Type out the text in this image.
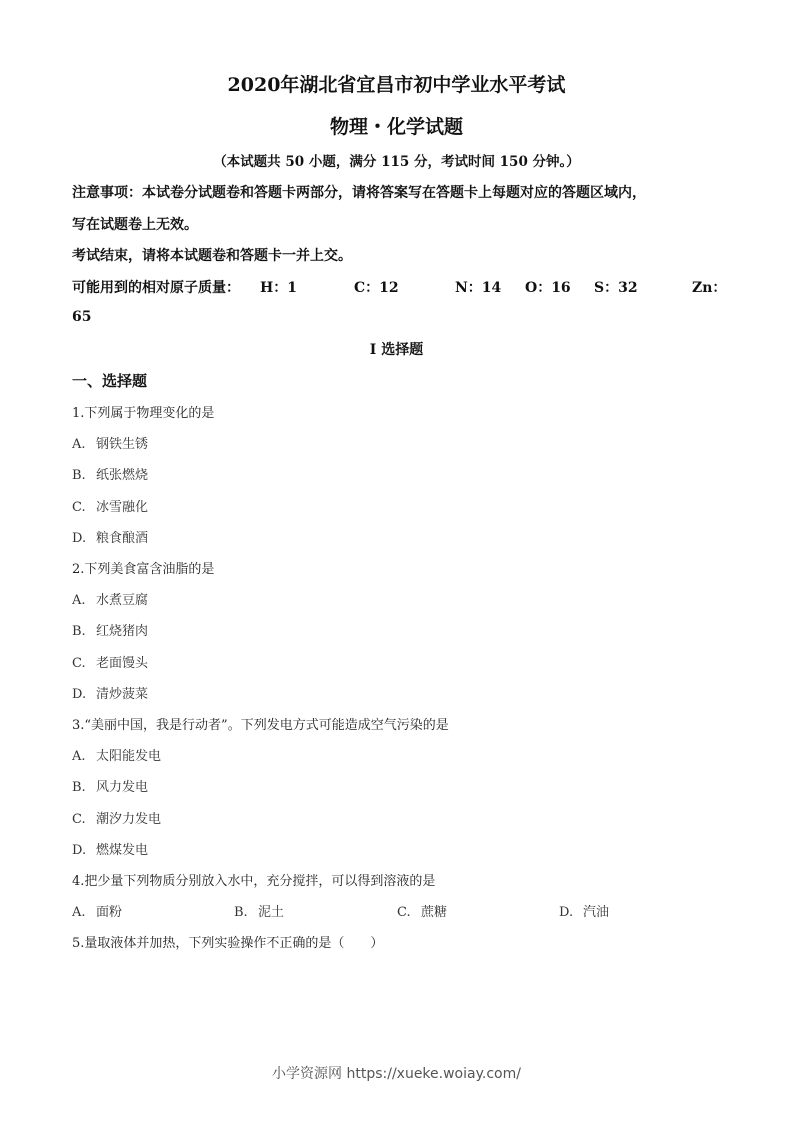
2020年湖北省宜昌市初中学业水平考试
物理・化学试题
（本试题共 50 小题，满分 115 分，考试时间 150 分钟。）
注意事项：本试卷分试题卷和答题卡两部分，请将答案写在答题卡上每题对应的答题区域内，
写在试题卷上无效。
考试结束，请将本试题卷和答题卡一并上交。
可能用到的相对原子质量： H：1	C：12	N：14 O：16 S：32	Zn：
65
I 选择题
一、选择题
1.下列属于物理变化的是
A. 钢铁生锈
B. 纸张燃烧
C. 冰雪融化
D. 粮食酿酒
2.下列美食富含油脂的是
A. 水煮豆腐
B. 红烧猪肉
C. 老面馒头
D. 清炒菠菜
3.“美丽中国，我是行动者”。下列发电方式可能造成空气污染的是
A. 太阳能发电
B. 风力发电
C. 潮汐力发电
D. 燃煤发电
4.把少量下列物质分别放入水中，充分搅拌，可以得到溶液的是
A. 面粉	B. 泥土	C. 蔗糖	D. 汽油
5.量取液体并加热，下列实验操作不正确的是（　　）
小学资源网 https://xueke.woiay.com/
